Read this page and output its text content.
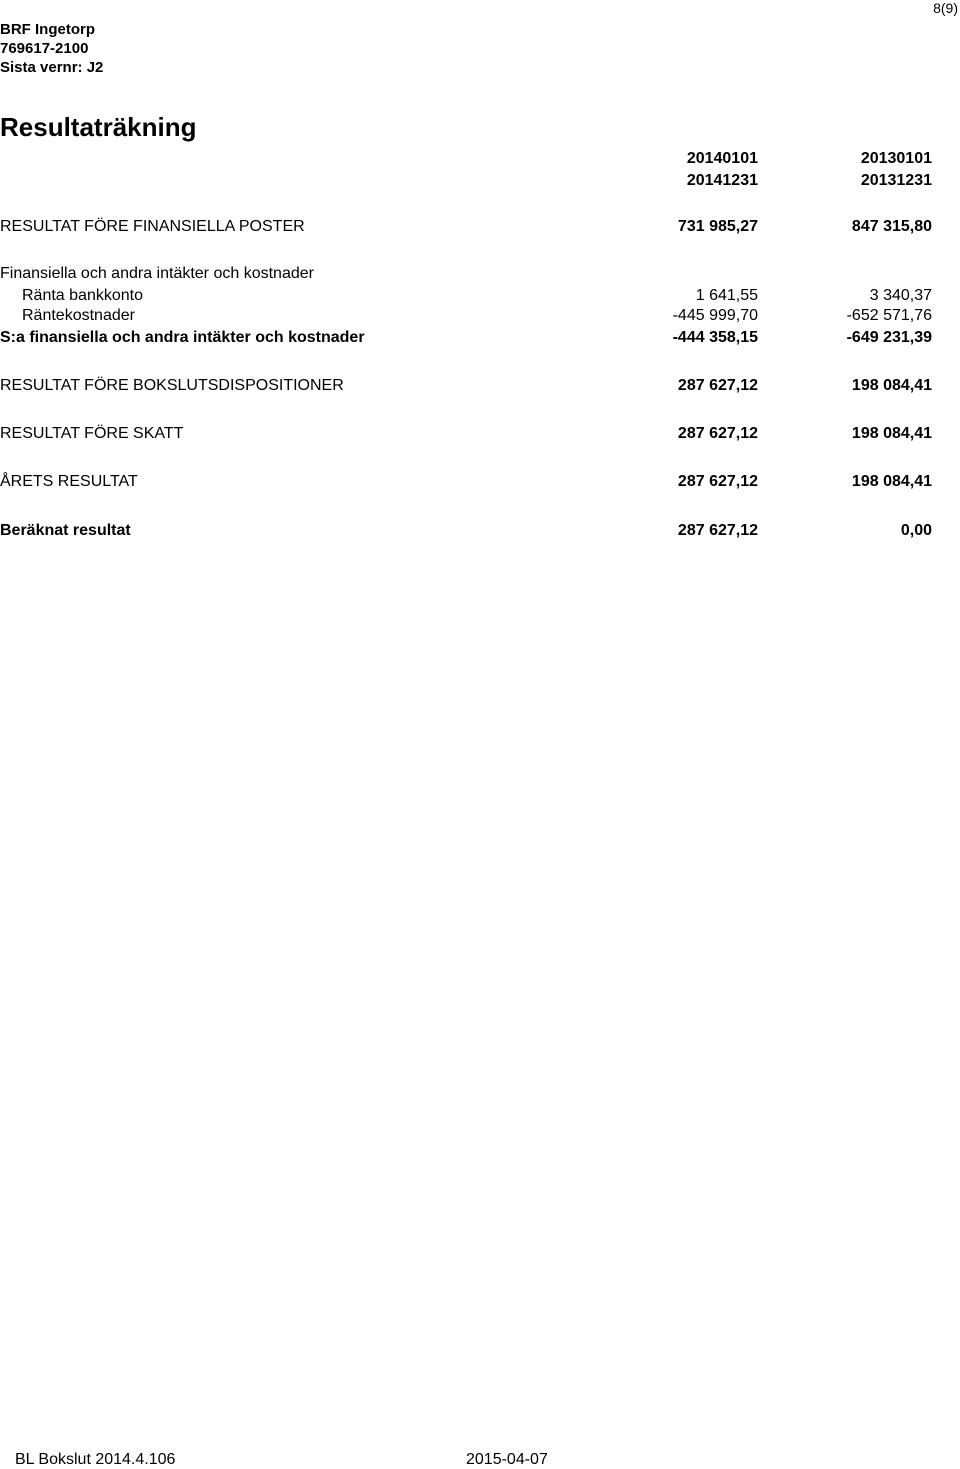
BRF Ingetorp
769617-2100
Sista vernr: J2
8(9)
Resultaträkning
20140101	20130101
20141231	20131231
RESULTAT FÖRE FINANSIELLA POSTER	731 985,27	847 315,80
Finansiella och andra intäkter och kostnader
Ränta bankkonto	1 641,55	3 340,37
Räntekostnader	-445 999,70	-652 571,76
S:a finansiella och andra intäkter och kostnader	-444 358,15	-649 231,39
RESULTAT FÖRE BOKSLUTSDISPOSITIONER	287 627,12	198 084,41
RESULTAT FÖRE SKATT	287 627,12	198 084,41
ÅRETS RESULTAT	287 627,12	198 084,41
Beräknat resultat	287 627,12	0,00
BL Bokslut 2014.4.106	2015-04-07
